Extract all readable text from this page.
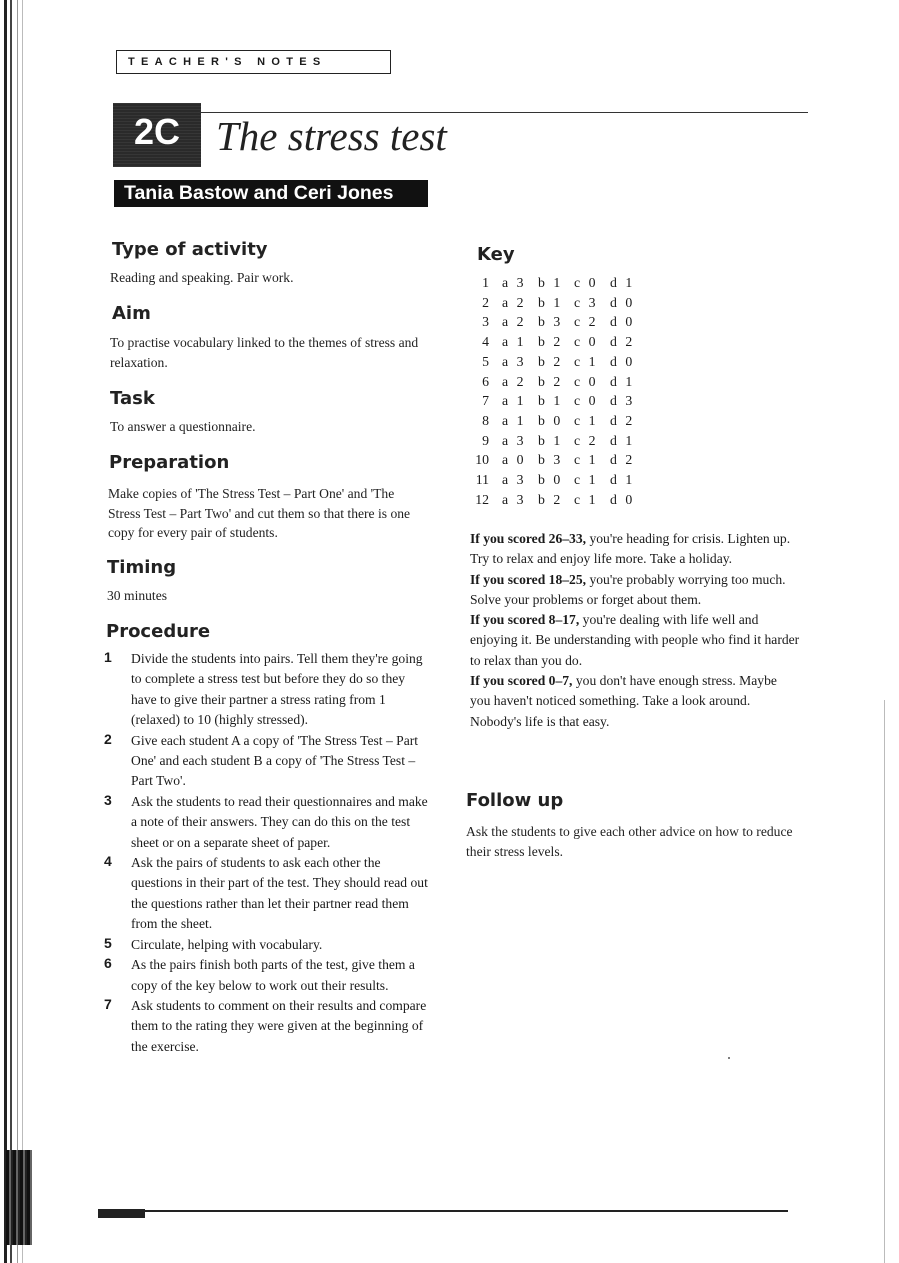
TEACHER'S NOTES
2C The stress test
Tania Bastow and Ceri Jones
Type of activity
Reading and speaking. Pair work.
Aim
To practise vocabulary linked to the themes of stress and relaxation.
Task
To answer a questionnaire.
Preparation
Make copies of 'The Stress Test – Part One' and 'The Stress Test – Part Two' and cut them so that there is one copy for every pair of students.
Timing
30 minutes
Procedure
1 Divide the students into pairs. Tell them they're going to complete a stress test but before they do so they have to give their partner a stress rating from 1 (relaxed) to 10 (highly stressed).
2 Give each student A a copy of 'The Stress Test – Part One' and each student B a copy of 'The Stress Test – Part Two'.
3 Ask the students to read their questionnaires and make a note of their answers. They can do this on the test sheet or on a separate sheet of paper.
4 Ask the pairs of students to ask each other the questions in their part of the test. They should read out the questions rather than let their partner read them from the sheet.
5 Circulate, helping with vocabulary.
6 As the pairs finish both parts of the test, give them a copy of the key below to work out their results.
7 Ask students to comment on their results and compare them to the rating they were given at the beginning of the exercise.
Key
1	a 3	b 1	c 0	d 1
2	a 2	b 1	c 3	d 0
3	a 2	b 3	c 2	d 0
4	a 1	b 2	c 0	d 2
5	a 3	b 2	c 1	d 0
6	a 2	b 2	c 0	d 1
7	a 1	b 1	c 0	d 3
8	a 1	b 0	c 1	d 2
9	a 3	b 1	c 2	d 1
10	a 0	b 3	c 1	d 2
11	a 3	b 0	c 1	d 1
12	a 3	b 2	c 1	d 0

If you scored 26–33, you're heading for crisis. Lighten up. Try to relax and enjoy life more. Take a holiday.

If you scored 18–25, you're probably worrying too much. Solve your problems or forget about them.

If you scored 8–17, you're dealing with life well and enjoying it. Be understanding with people who find it harder to relax than you do.

If you scored 0–7, you don't have enough stress. Maybe you haven't noticed something. Take a look around. Nobody's life is that easy.

Follow up
Ask the students to give each other advice on how to reduce their stress levels.
